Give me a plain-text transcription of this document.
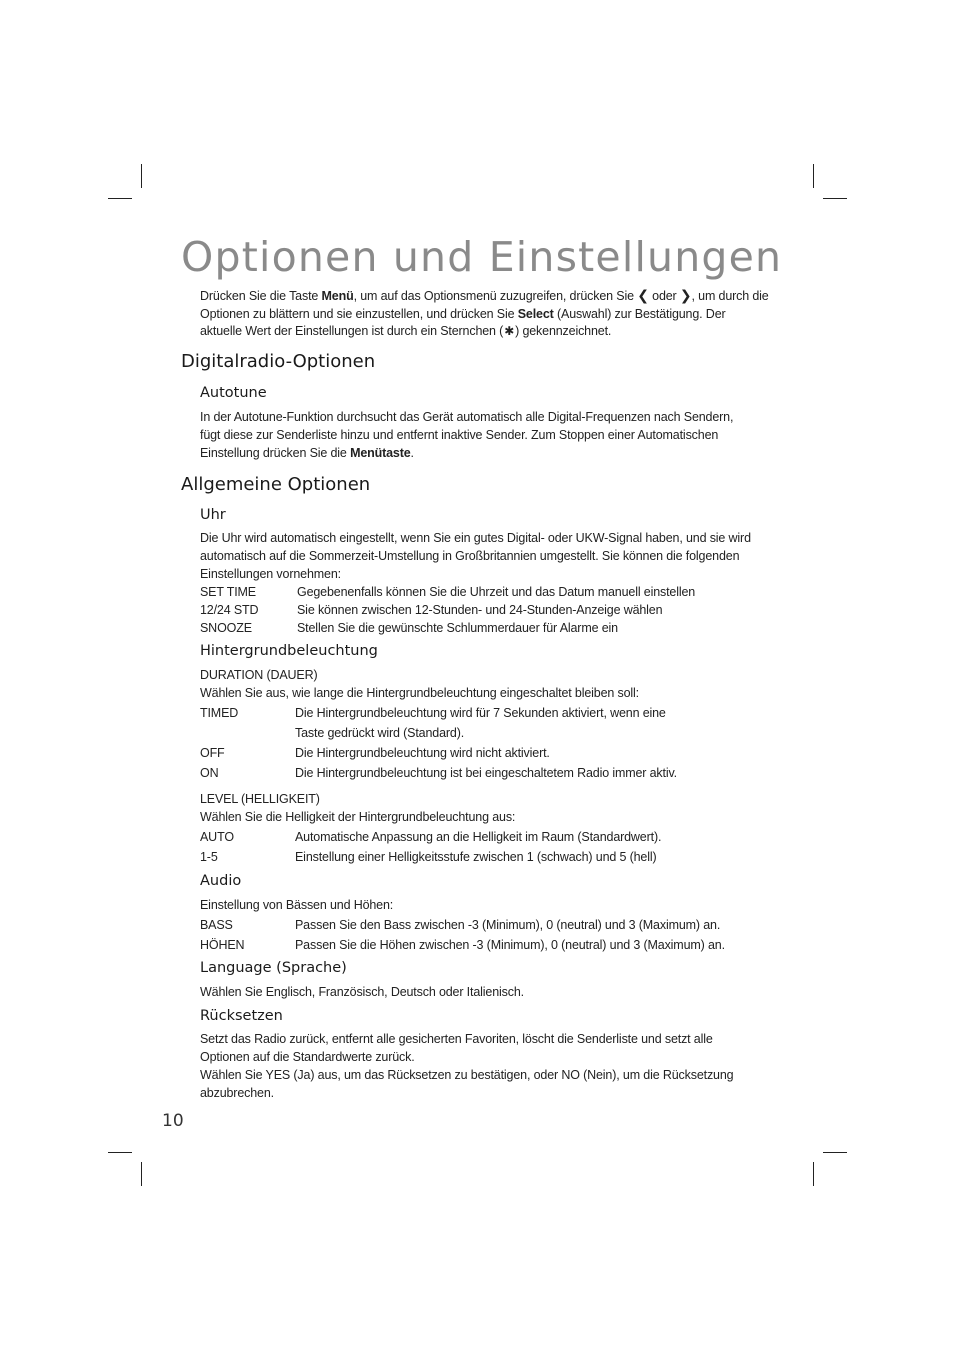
Optionen und Einstellungen
Drücken Sie die Taste Menü, um auf das Optionsmenü zuzugreifen, drücken Sie ❮ oder ❯, um durch die Optionen zu blättern und sie einzustellen, und drücken Sie Select (Auswahl) zur Bestätigung. Der aktuelle Wert der Einstellungen ist durch ein Sternchen (✱) gekennzeichnet.
Digitalradio-Optionen
Autotune

In der Autotune-Funktion durchsucht das Gerät automatisch alle Digital-Frequenzen nach Sendern, fügt diese zur Senderliste hinzu und entfernt inaktive Sender. Zum Stoppen einer Automatischen Einstellung drücken Sie die Menütaste.

Allgemeine Optionen
Uhr

Die Uhr wird automatisch eingestellt, wenn Sie ein gutes Digital- oder UKW-Signal haben, und sie wird automatisch auf die Sommerzeit-Umstellung in Großbritannien umgestellt. Sie können die folgenden Einstellungen vornehmen:

SET TIME	Gegebenenfalls können Sie die Uhrzeit und das Datum manuell einstellen
12/24 STD	Sie können zwischen 12-Stunden- und 24-Stunden-Anzeige wählen
SNOOZE	Stellen Sie die gewünschte Schlummerdauer für Alarme ein
Hintergrundbeleuchtung
DURATION (DAUER)
Wählen Sie aus, wie lange die Hintergrundbeleuchtung eingeschaltet bleiben soll:
TIMED	Die Hintergrundbeleuchtung wird für 7 Sekunden aktiviert, wenn eine
Taste gedrückt wird (Standard).
OFF	Die Hintergrundbeleuchtung wird nicht aktiviert.
ON	Die Hintergrundbeleuchtung ist bei eingeschaltetem Radio immer aktiv.
LEVEL (HELLIGKEIT)
Wählen Sie die Helligkeit der Hintergrundbeleuchtung aus:
AUTO	Automatische Anpassung an die Helligkeit im Raum (Standardwert).
1-5	Einstellung einer Helligkeitsstufe zwischen 1 (schwach) und 5 (hell)
Audio
Einstellung von Bässen und Höhen:
BASS	Passen Sie den Bass zwischen -3 (Minimum), 0 (neutral) und 3 (Maximum) an.
HÖHEN	Passen Sie die Höhen zwischen -3 (Minimum), 0 (neutral) und 3 (Maximum) an.
Language (Sprache)
Wählen Sie Englisch, Französisch, Deutsch oder Italienisch.
Rücksetzen

Setzt das Radio zurück, entfernt alle gesicherten Favoriten, löscht die Senderliste und setzt alle Optionen auf die Standardwerte zurück.

Wählen Sie YES (Ja) aus, um das Rücksetzen zu bestätigen, oder NO (Nein), um die Rücksetzung abzubrechen.

10
